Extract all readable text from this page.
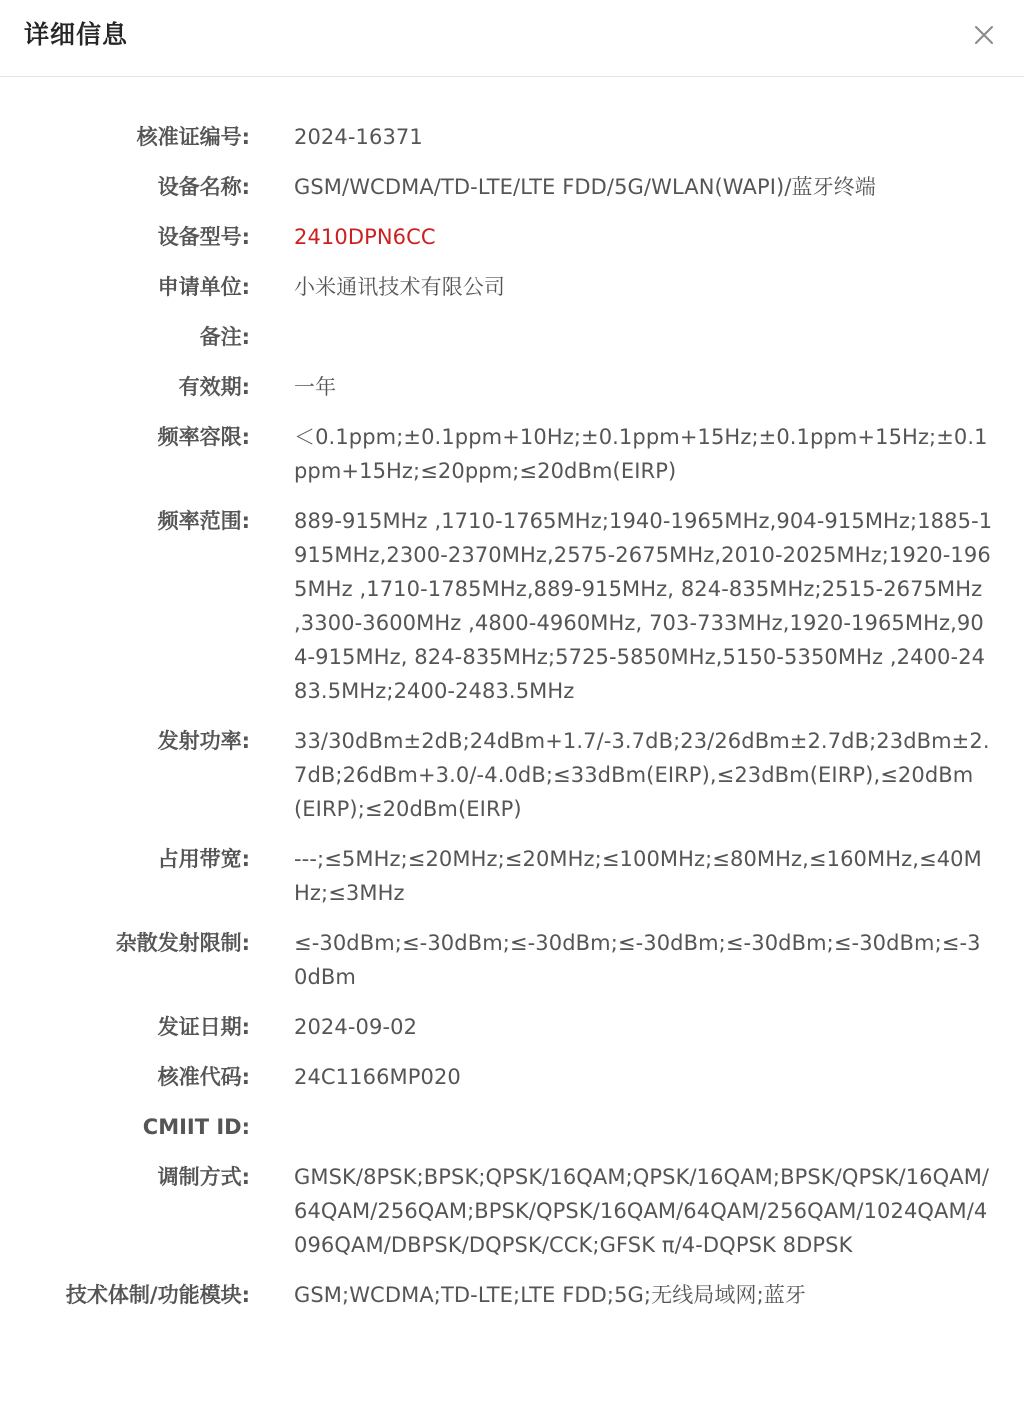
详细信息
核准证编号: 2024-16371
设备名称: GSM/WCDMA/TD-LTE/LTE FDD/5G/WLAN(WAPI)/蓝牙终端
设备型号: 2410DPN6CC
申请单位: 小米通讯技术有限公司
备注:
有效期: 一年
频率容限: ＜0.1ppm;±0.1ppm+10Hz;±0.1ppm+15Hz;±0.1ppm+15Hz;±0.1ppm+15Hz;≤20ppm;≤20dBm(EIRP)
频率范围: 889-915MHz ,1710-1765MHz;1940-1965MHz,904-915MHz;1885-1915MHz,2300-2370MHz,2575-2675MHz,2010-2025MHz;1920-1965MHz ,1710-1785MHz,889-915MHz, 824-835MHz;2515-2675MHz ,3300-3600MHz ,4800-4960MHz, 703-733MHz,1920-1965MHz,904-915MHz, 824-835MHz;5725-5850MHz,5150-5350MHz ,2400-2483.5MHz;2400-2483.5MHz
发射功率: 33/30dBm±2dB;24dBm+1.7/-3.7dB;23/26dBm±2.7dB;23dBm±2.7dB;26dBm+3.0/-4.0dB;≤33dBm(EIRP),≤23dBm(EIRP),≤20dBm(EIRP);≤20dBm(EIRP)
占用带宽: ---;≤5MHz;≤20MHz;≤20MHz;≤100MHz;≤80MHz,≤160MHz,≤40MHz;≤3MHz
杂散发射限制: ≤-30dBm;≤-30dBm;≤-30dBm;≤-30dBm;≤-30dBm;≤-30dBm;≤-30dBm
发证日期: 2024-09-02
核准代码: 24C1166MP020
CMIIT ID:
调制方式: GMSK/8PSK;BPSK;QPSK/16QAM;QPSK/16QAM;BPSK/QPSK/16QAM/64QAM/256QAM;BPSK/QPSK/16QAM/64QAM/256QAM/1024QAM/4096QAM/DBPSK/DQPSK/CCK;GFSK π/4-DQPSK 8DPSK
技术体制/功能模块: GSM;WCDMA;TD-LTE;LTE FDD;5G;无线局域网;蓝牙
